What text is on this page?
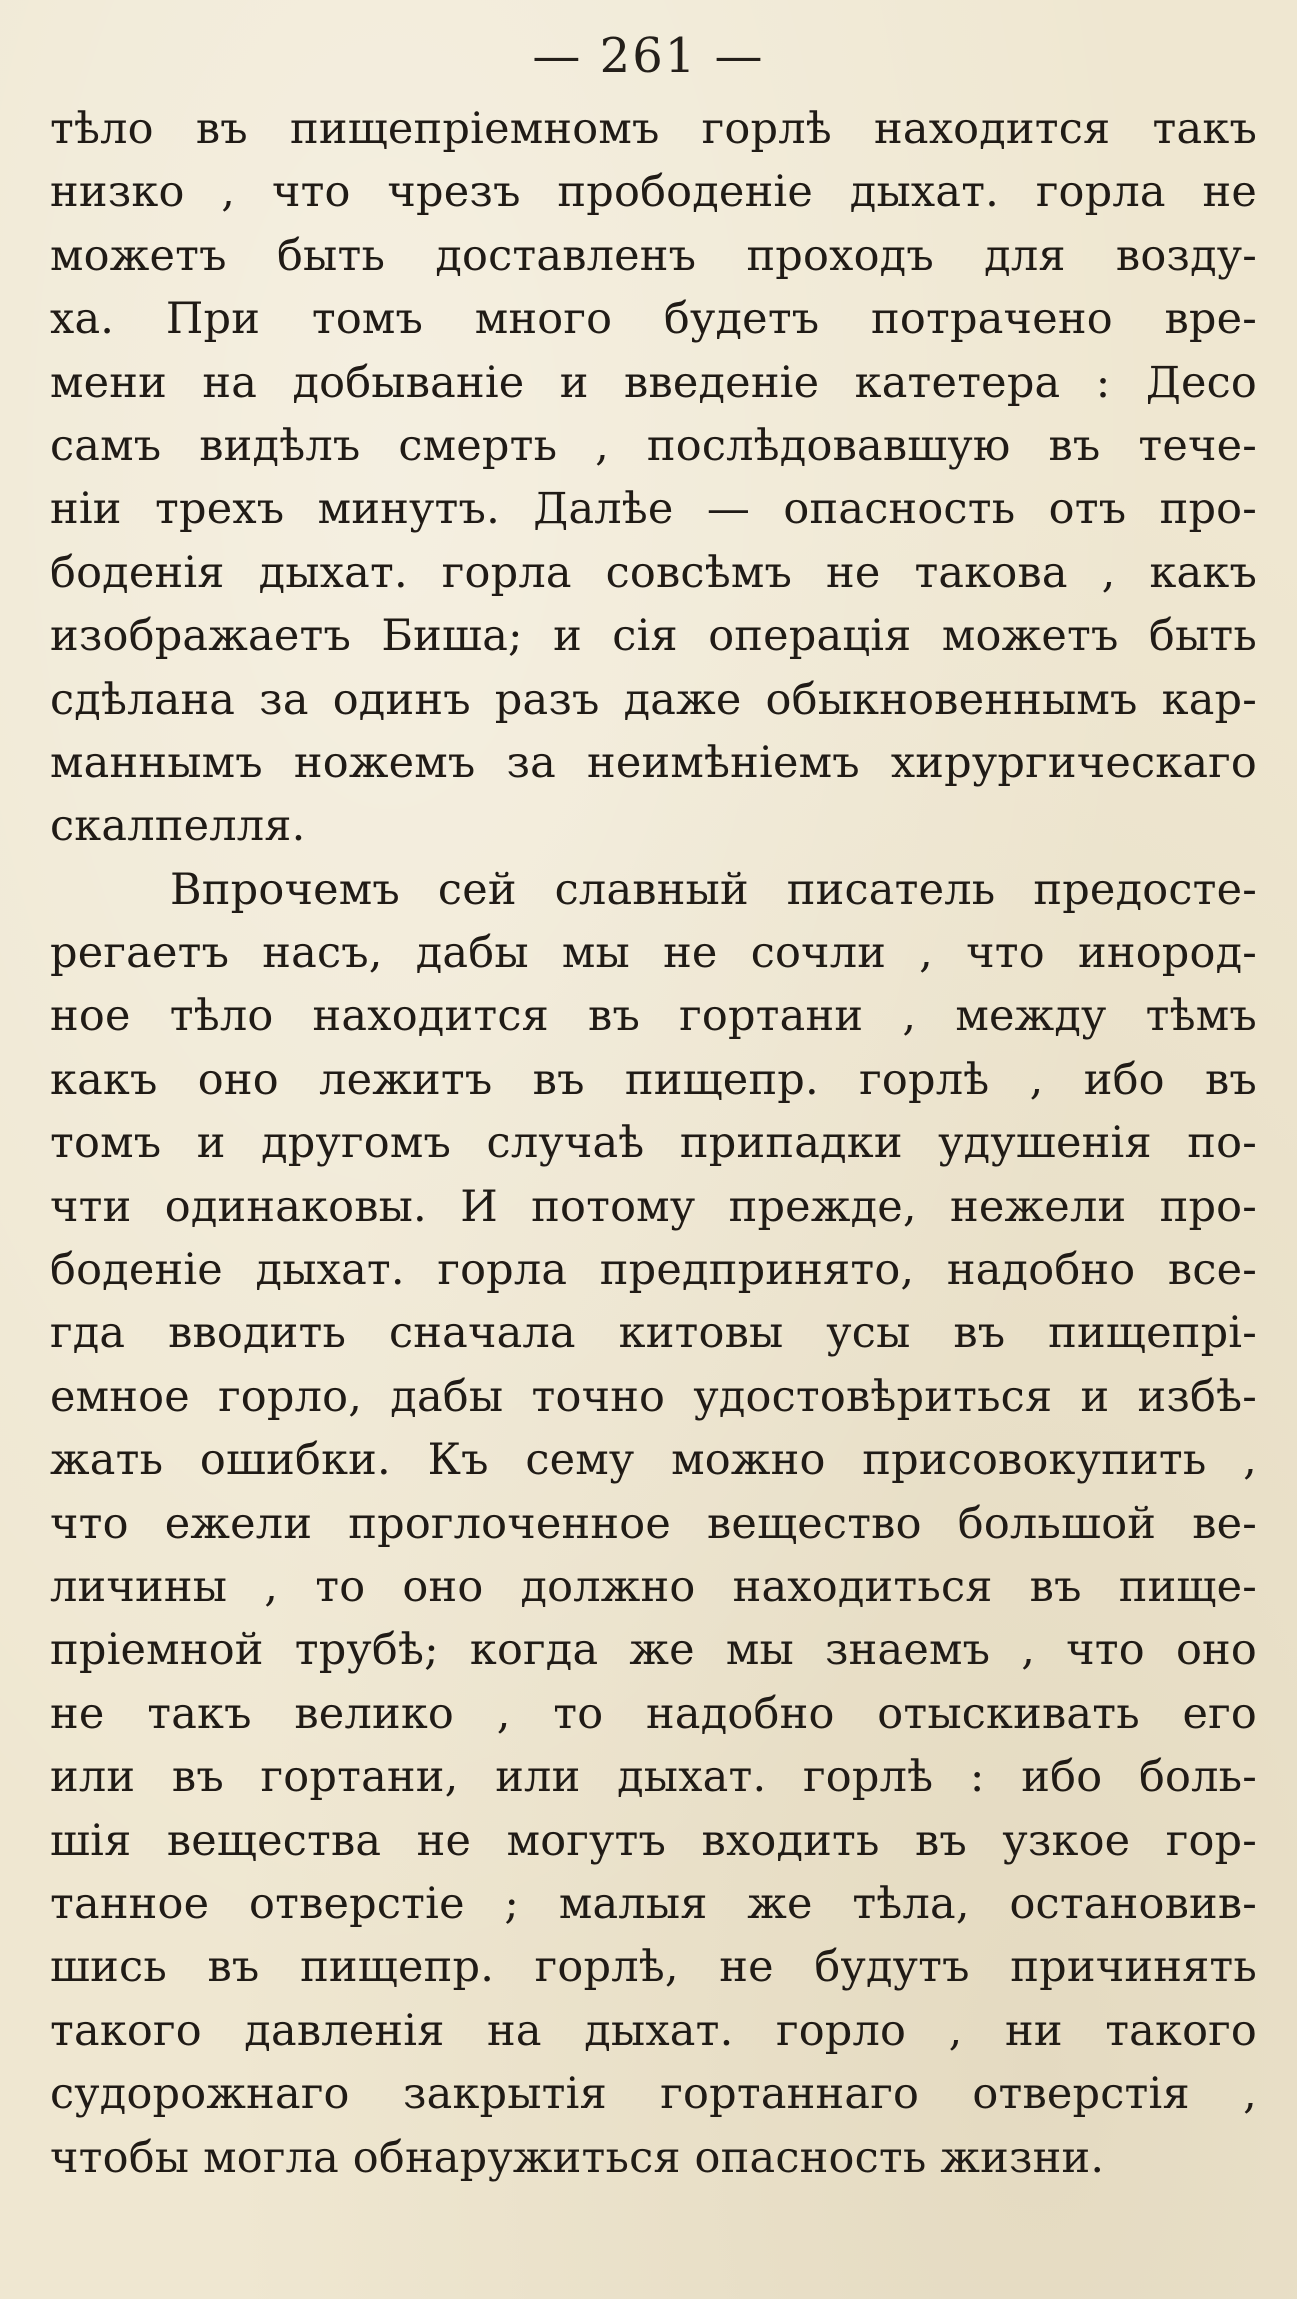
— 261 —
тѣло въ пищепріемномъ горлѣ находится такъ
низко , что чрезъ прободеніе дыхат. горла не
можетъ быть доставленъ проходъ для возду-
ха. При томъ много будетъ потрачено вре-
мени на добываніе и введеніе катетера : Десо
самъ видѣлъ смерть , послѣдовавшую въ тече-
ніи трехъ минутъ. Далѣе — опасность отъ про-
боденія дыхат. горла совсѣмъ не такова , какъ
изображаетъ Биша; и сія операція можетъ быть
сдѣлана за одинъ разъ даже обыкновеннымъ кар-
маннымъ ножемъ за неимѣніемъ хирургическаго
скалпелля.
Впрочемъ сей славный писатель предосте-
регаетъ насъ, дабы мы не сочли , что инород-
ное тѣло находится въ гортани , между тѣмъ
какъ оно лежитъ въ пищепр. горлѣ , ибо въ
томъ и другомъ случаѣ припадки удушенія по-
чти одинаковы. И потому прежде, нежели про-
боденіе дыхат. горла предпринято, надобно все-
гда вводить сначала китовы усы въ пищепрі-
емное горло, дабы точно удостовѣриться и избѣ-
жать ошибки. Къ сему можно присовокупить ,
что ежели проглоченное вещество большой ве-
личины , то оно должно находиться въ пище-
пріемной трубѣ; когда же мы знаемъ , что оно
не такъ велико , то надобно отыскивать его
или въ гортани, или дыхат. горлѣ : ибо боль-
шія вещества не могутъ входить въ узкое гор-
танное отверстіе ; малыя же тѣла, остановив-
шись въ пищепр. горлѣ, не будутъ причинять
такого давленія на дыхат. горло , ни такого
судорожнаго закрытія гортаннаго отверстія ,
чтобы могла обнаружиться опасность жизни.
